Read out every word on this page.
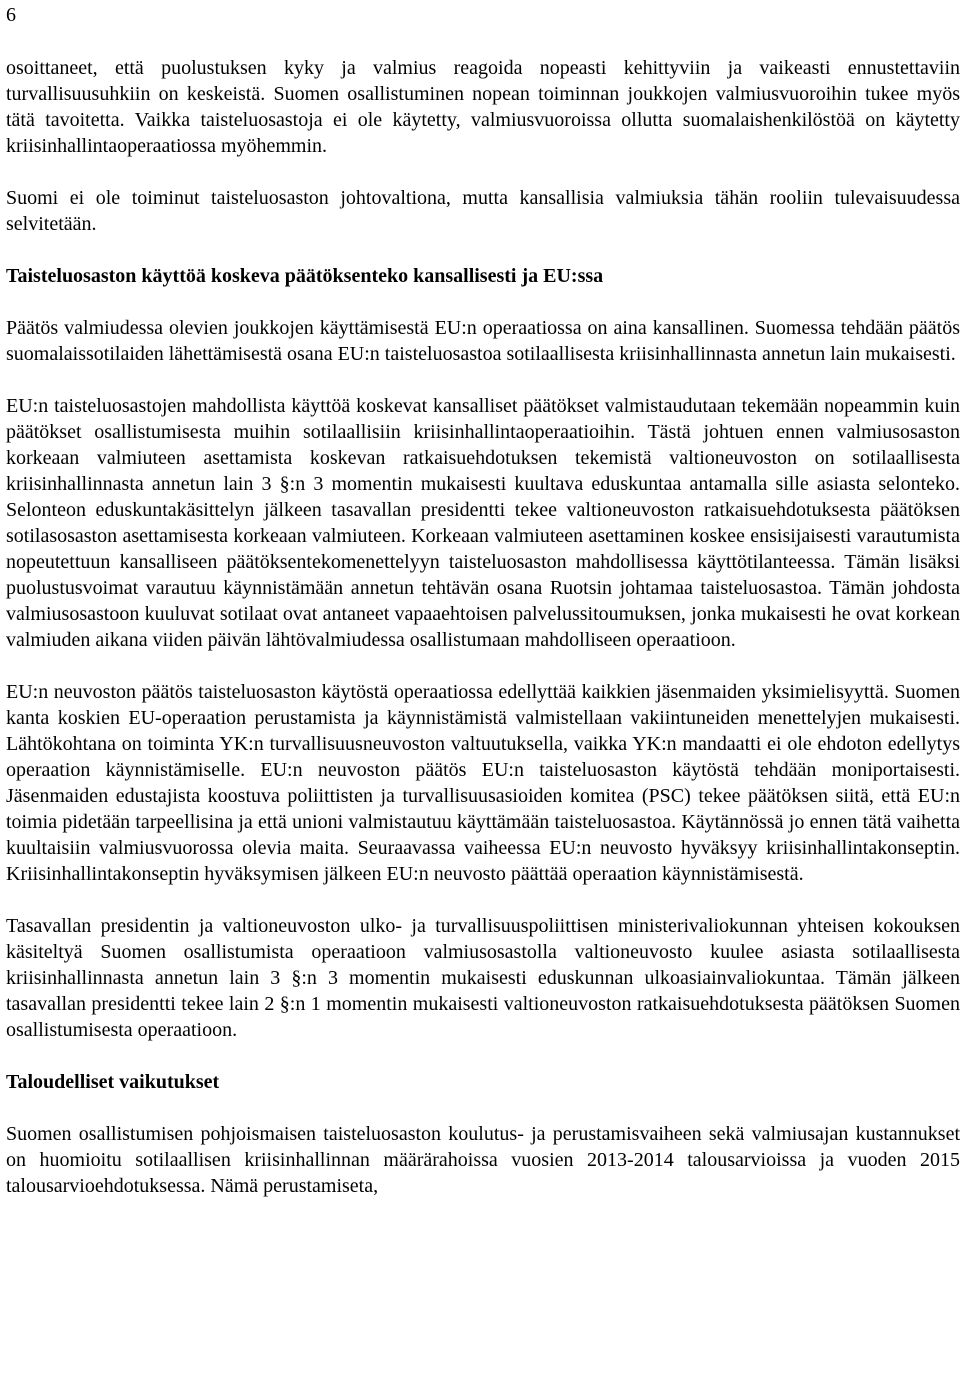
6

osoittaneet, että puolustuksen kyky ja valmius reagoida nopeasti kehittyviin ja vaikeasti ennustettaviin turvallisuusuhkiin on keskeistä. Suomen osallistuminen nopean toiminnan joukkojen valmiusvuoroihin tukee myös tätä tavoitetta. Vaikka taisteluosastoja ei ole käytetty, valmiusvuoroissa ollutta suomalaishenkilöstöä on käytetty kriisinhallintaoperaatiossa myöhemmin.

Suomi ei ole toiminut taisteluosaston johtovaltiona, mutta kansallisia valmiuksia tähän rooliin tulevaisuudessa selvitetään.

Taisteluosaston käyttöä koskeva päätöksenteko kansallisesti ja EU:ssa

Päätös valmiudessa olevien joukkojen käyttämisestä EU:n operaatiossa on aina kansallinen. Suomessa tehdään päätös suomalaissotilaiden lähettämisestä osana EU:n taisteluosastoa sotilaallisesta kriisinhallinnasta annetun lain mukaisesti.

EU:n taisteluosastojen mahdollista käyttöä koskevat kansalliset päätökset valmistaudutaan tekemään nopeammin kuin päätökset osallistumisesta muihin sotilaallisiin kriisinhallintaoperaatioihin. Tästä johtuen ennen valmiusosaston korkeaan valmiuteen asettamista koskevan ratkaisuehdotuksen tekemistä valtioneuvoston on sotilaallisesta kriisinhallinnasta annetun lain 3 §:n 3 momentin mukaisesti kuultava eduskuntaa antamalla sille asiasta selonteko. Selonteon eduskuntakäsittelyn jälkeen tasavallan presidentti tekee valtioneuvoston ratkaisuehdotuksesta päätöksen sotilasosaston asettamisesta korkeaan valmiuteen. Korkeaan valmiuteen asettaminen koskee ensisijaisesti varautumista nopeutettuun kansalliseen päätöksentekomenettelyyn taisteluosaston mahdollisessa käyttötilanteessa. Tämän lisäksi puolustusvoimat varautuu käynnistämään annetun tehtävän osana Ruotsin johtamaa taisteluosastoa. Tämän johdosta valmiusosastoon kuuluvat sotilaat ovat antaneet vapaaehtoisen palvelussitoumuksen, jonka mukaisesti he ovat korkean valmiuden aikana viiden päivän lähtövalmiudessa osallistumaan mahdolliseen operaatioon.

EU:n neuvoston päätös taisteluosaston käytöstä operaatiossa edellyttää kaikkien jäsenmaiden yksimielisyyttä. Suomen kanta koskien EU-operaation perustamista ja käynnistämistä valmistellaan vakiintuneiden menettelyjen mukaisesti. Lähtökohtana on toiminta YK:n turvallisuusneuvoston valtuutuksella, vaikka YK:n mandaatti ei ole ehdoton edellytys operaation käynnistämiselle. EU:n neuvoston päätös EU:n taisteluosaston käytöstä tehdään moniportaisesti. Jäsenmaiden edustajista koostuva poliittisten ja turvallisuusasioiden komitea (PSC) tekee päätöksen siitä, että EU:n toimia pidetään tarpeellisina ja että unioni valmistautuu käyttämään taisteluosastoa. Käytännössä jo ennen tätä vaihetta kuultaisiin valmiusvuorossa olevia maita. Seuraavassa vaiheessa EU:n neuvosto hyväksyy kriisinhallintakonseptin. Kriisinhallintakonseptin hyväksymisen jälkeen EU:n neuvosto päättää operaation käynnistämisestä.

Tasavallan presidentin ja valtioneuvoston ulko- ja turvallisuuspoliittisen ministerivaliokunnan yhteisen kokouksen käsiteltyä Suomen osallistumista operaatioon valmiusosastolla valtioneuvosto kuulee asiasta sotilaallisesta kriisinhallinnasta annetun lain 3 §:n 3 momentin mukaisesti eduskunnan ulkoasiainvaliokuntaa. Tämän jälkeen tasavallan presidentti tekee lain 2 §:n 1 momentin mukaisesti valtioneuvoston ratkaisuehdotuksesta päätöksen Suomen osallistumisesta operaatioon.

Taloudelliset vaikutukset

Suomen osallistumisen pohjoismaisen taisteluosaston koulutus- ja perustamisvaiheen sekä valmiusajan kustannukset on huomioitu sotilaallisen kriisinhallinnan määrärahoissa vuosien 2013-2014 talousarvioissa ja vuoden 2015 talousarvioehdotuksessa. Nämä perustamiseta,
